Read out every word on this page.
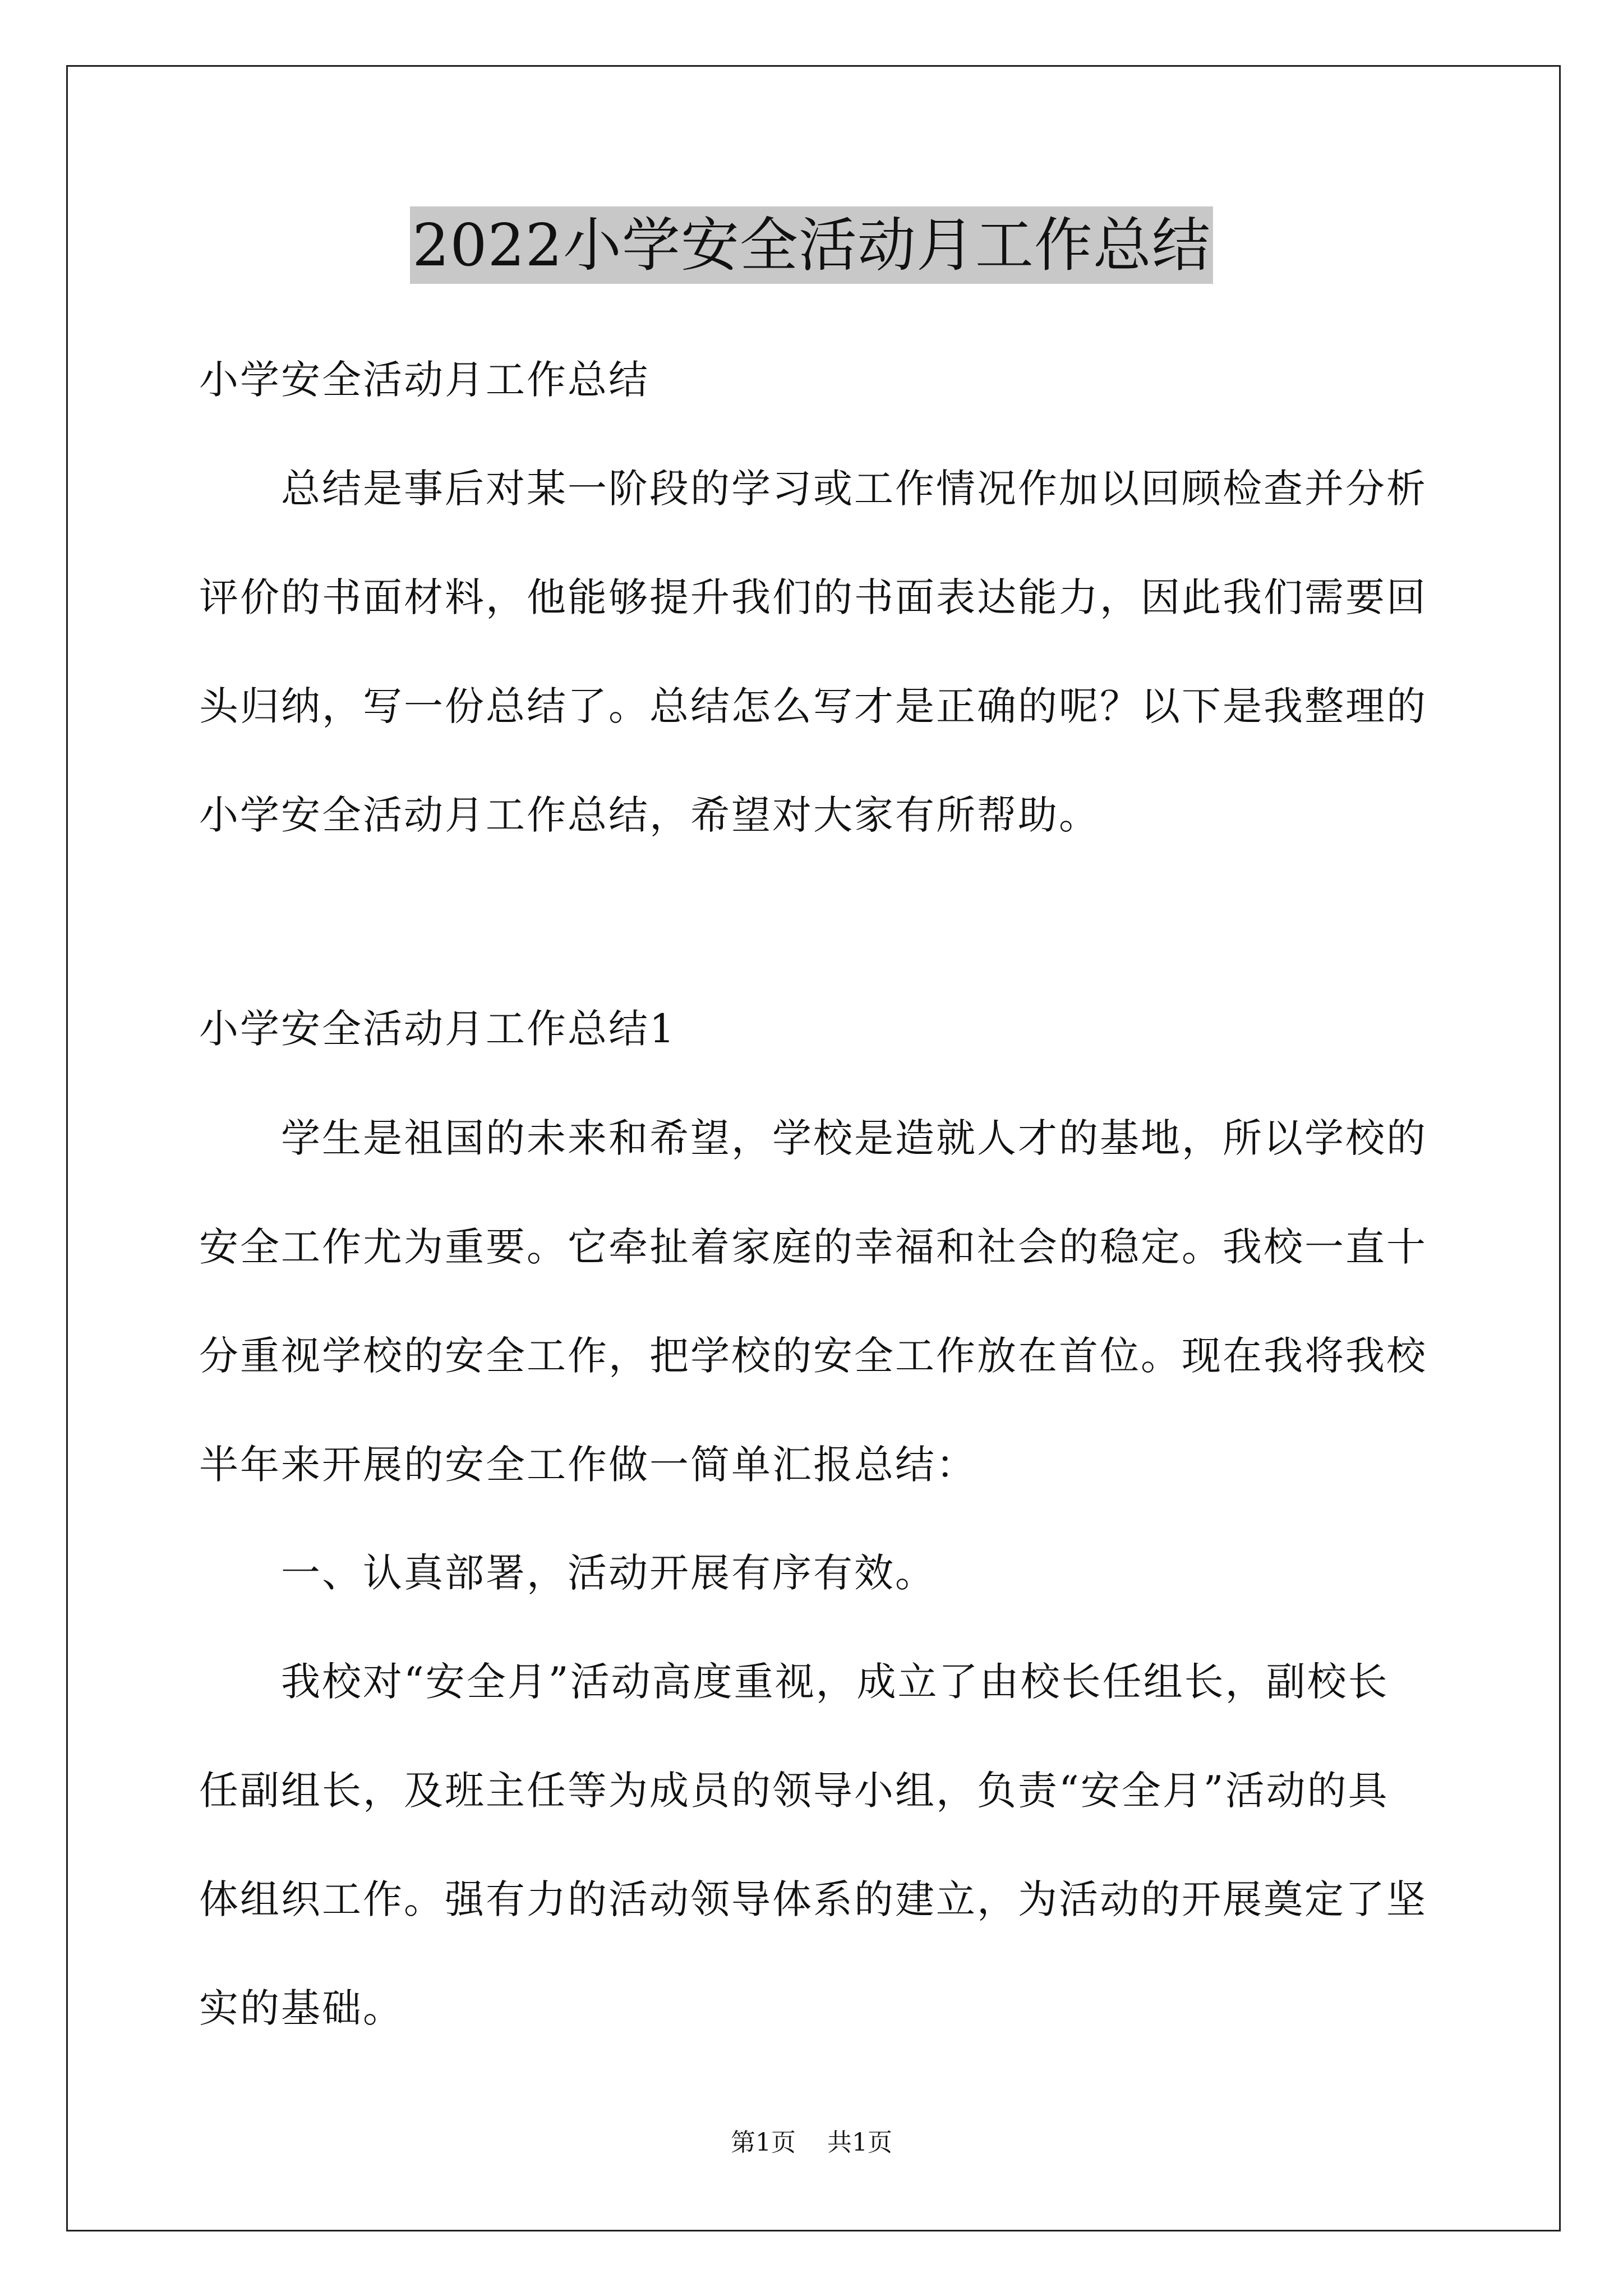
2022小学安全活动月工作总结
小学安全活动月工作总结
　　总结是事后对某一阶段的学习或工作情况作加以回顾检查并分析
评价的书面材料，他能够提升我们的书面表达能力，因此我们需要回
头归纳，写一份总结了。总结怎么写才是正确的呢？以下是我整理的
小学安全活动月工作总结，希望对大家有所帮助。
小学安全活动月工作总结1
　　学生是祖国的未来和希望，学校是造就人才的基地，所以学校的
安全工作尤为重要。它牵扯着家庭的幸福和社会的稳定。我校一直十
分重视学校的安全工作，把学校的安全工作放在首位。现在我将我校
半年来开展的安全工作做一简单汇报总结：
　　一、认真部署，活动开展有序有效。
　　我校对“安全月”活动高度重视，成立了由校长任组长，副校长
任副组长，及班主任等为成员的领导小组，负责“安全月”活动的具
体组织工作。强有力的活动领导体系的建立，为活动的开展奠定了坚
实的基础。
第1页 共1页
